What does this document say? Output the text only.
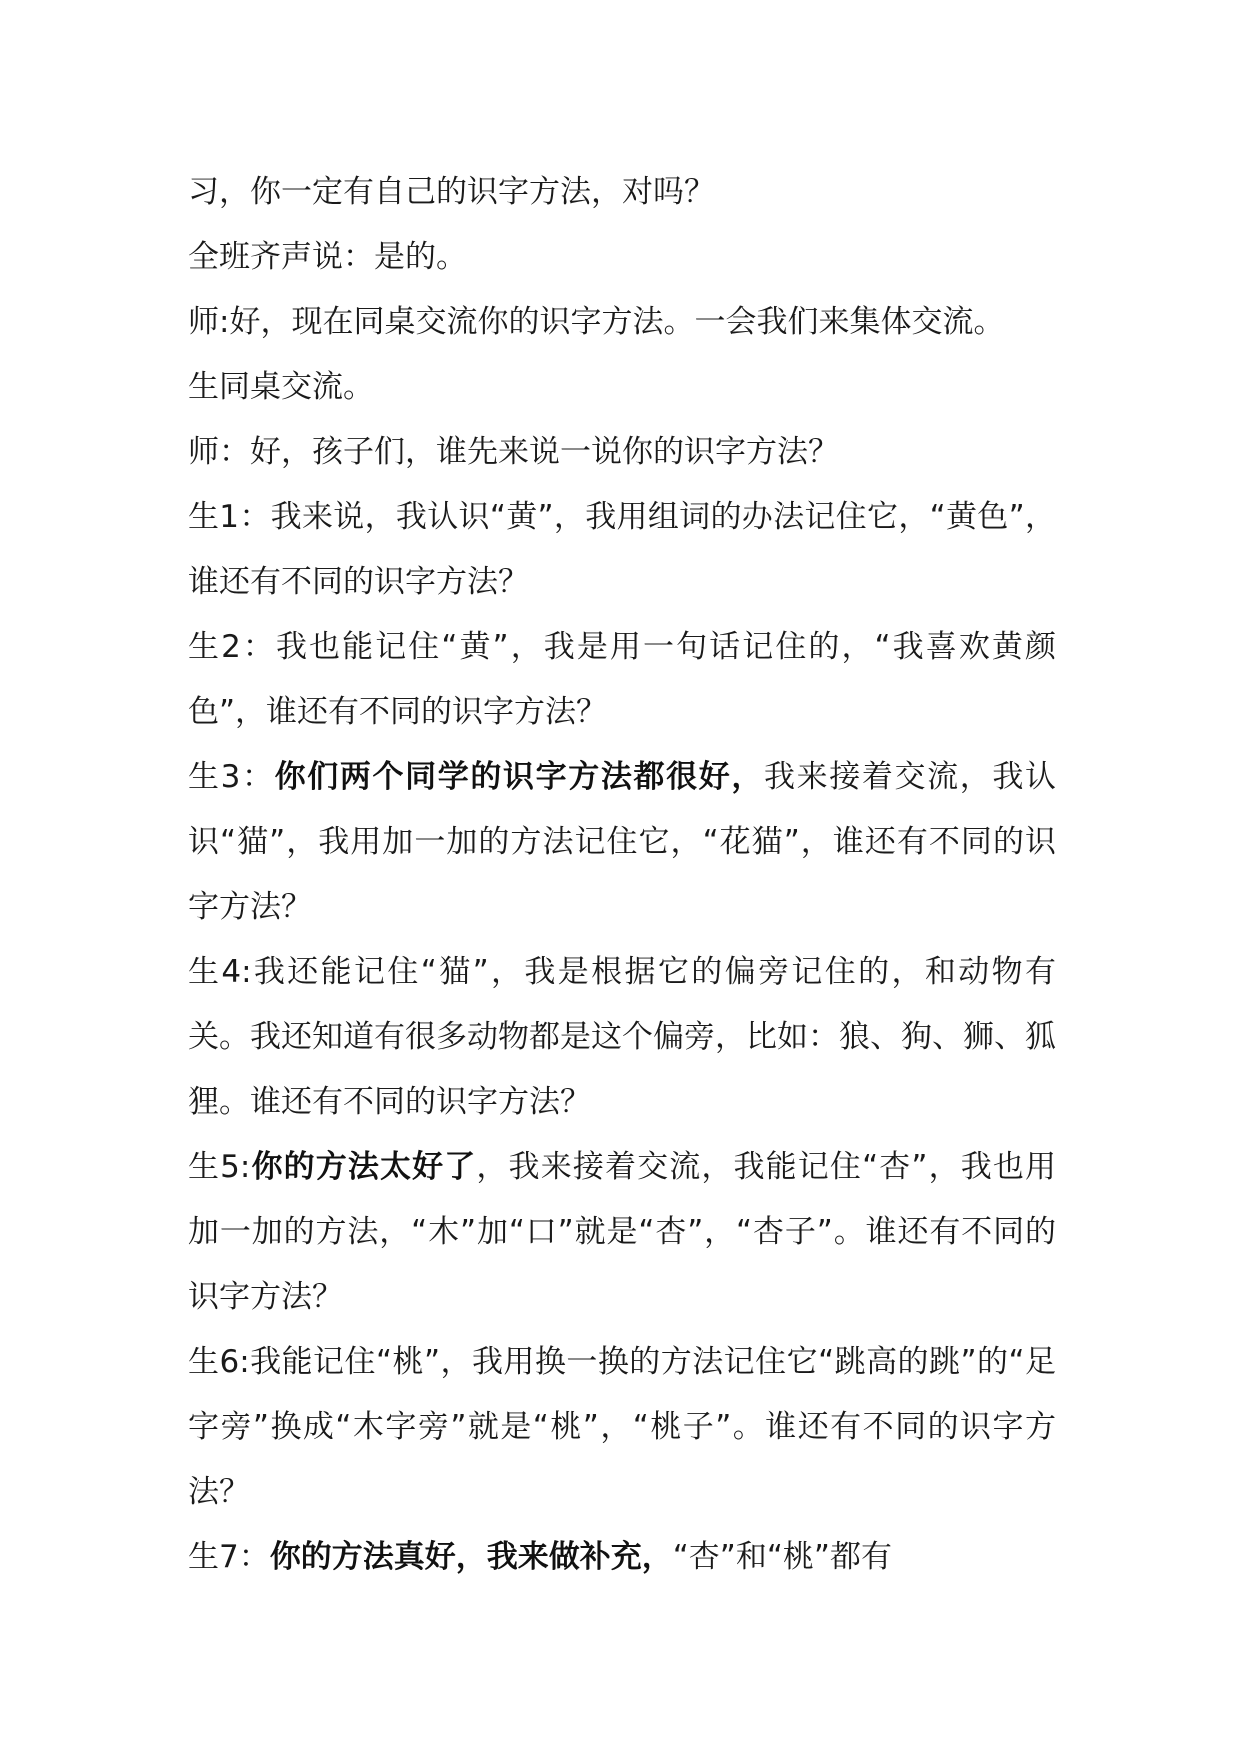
习，你一定有自己的识字方法，对吗？

全班齐声说：是的。

师:好，现在同桌交流你的识字方法。一会我们来集体交流。

生同桌交流。

师：好，孩子们，谁先来说一说你的识字方法？

生1：我来说，我认识“黄”，我用组词的办法记住它，“黄色”，谁还有不同的识字方法？

生2：我也能记住“黄”，我是用一句话记住的，“我喜欢黄颜色”，谁还有不同的识字方法？

生3：你们两个同学的识字方法都很好，我来接着交流，我认识“猫”，我用加一加的方法记住它，“花猫”，谁还有不同的识字方法？

生4:我还能记住“猫”，我是根据它的偏旁记住的，和动物有关。我还知道有很多动物都是这个偏旁，比如：狼、狗、狮、狐狸。谁还有不同的识字方法？

生5:你的方法太好了，我来接着交流，我能记住“杏”，我也用加一加的方法，“木”加“口”就是“杏”，“杏子”。谁还有不同的识字方法？

生6:我能记住“桃”，我用换一换的方法记住它“跳高的跳”的“足字旁”换成“木字旁”就是“桃”，“桃子”。谁还有不同的识字方法？

生7：你的方法真好，我来做补充，“杏”和“桃”都有
